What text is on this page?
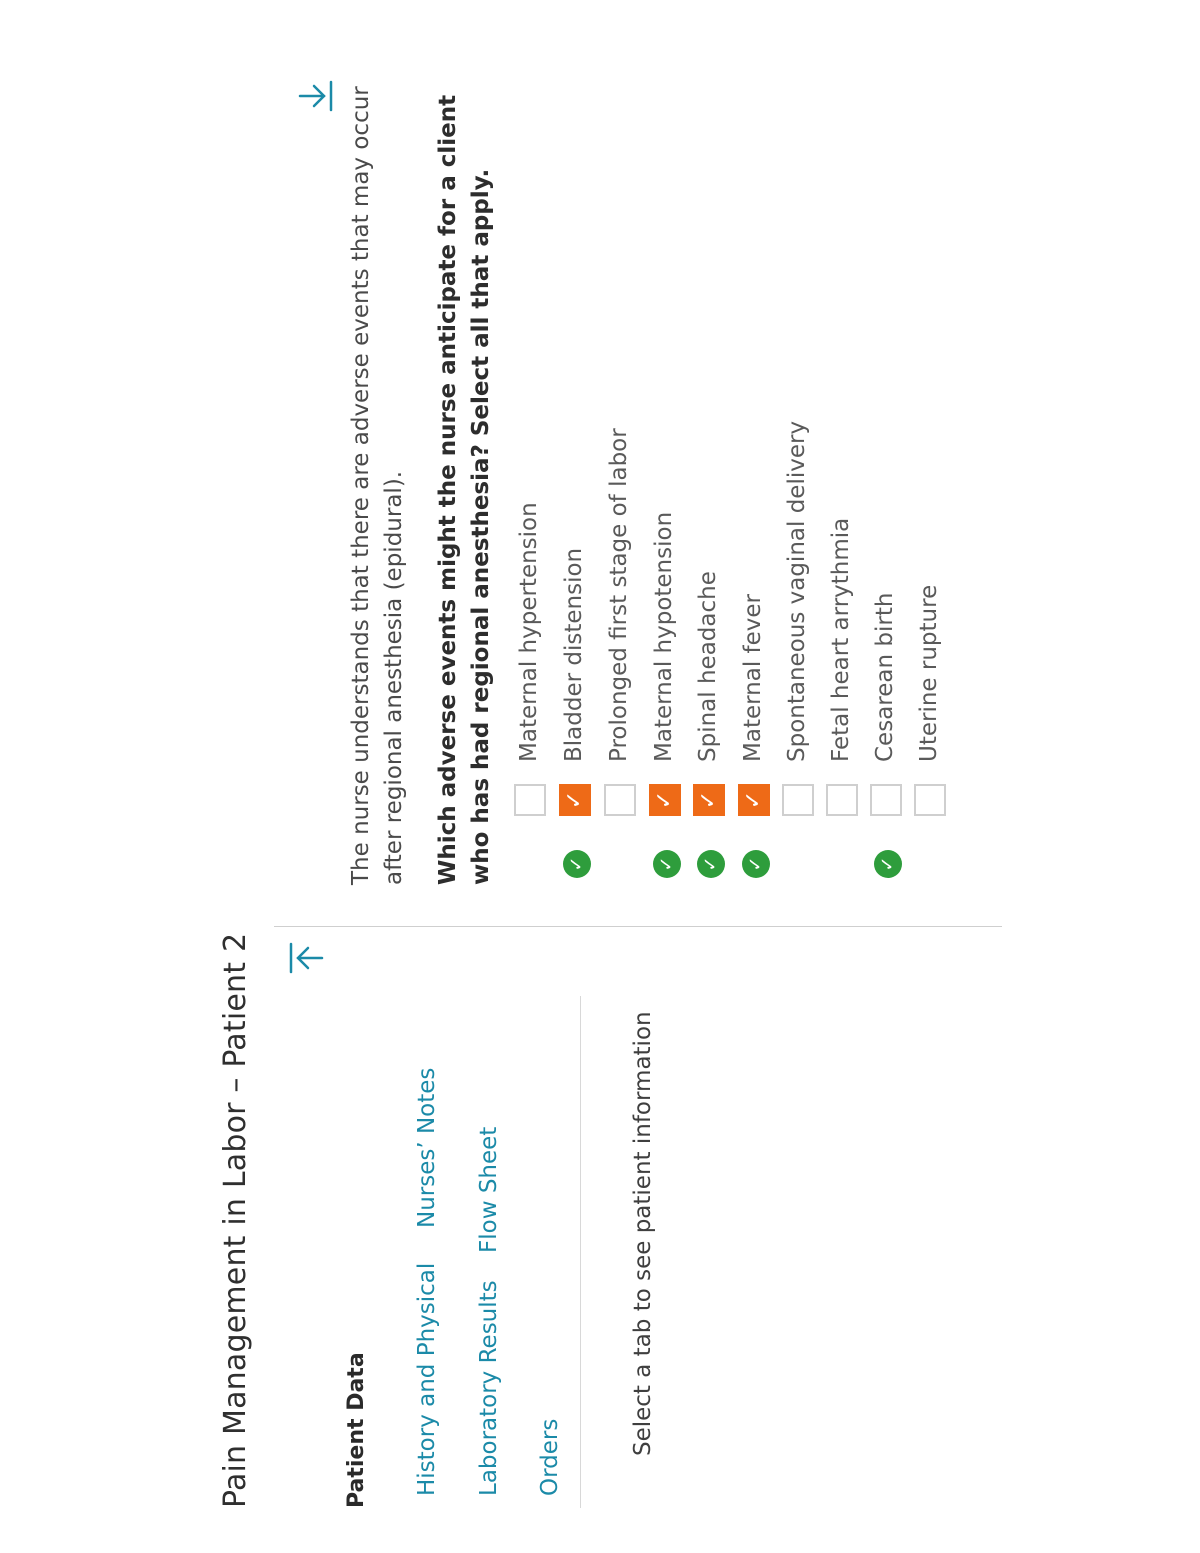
Pain Management in Labor – Patient 2	Patient Data History and Physical
Nurses’ Notes
Laboratory Results
Flow Sheet
Orders
Select a tab to see patient information
The nurse understands that there are adverse events that may occur after regional anesthesia (epidural). Which adverse events might the nurse anticipate for a client who has had regional anesthesia? Select all that apply. Maternal hypertension
✓
✓
Bladder distension Prolonged first stage of labor
✓
✓
Maternal hypotension
✓
✓
Spinal headache
✓
✓
Maternal fever Spontaneous vaginal delivery Fetal heart arrythmia
✓
Cesarean birth Uterine rupture
